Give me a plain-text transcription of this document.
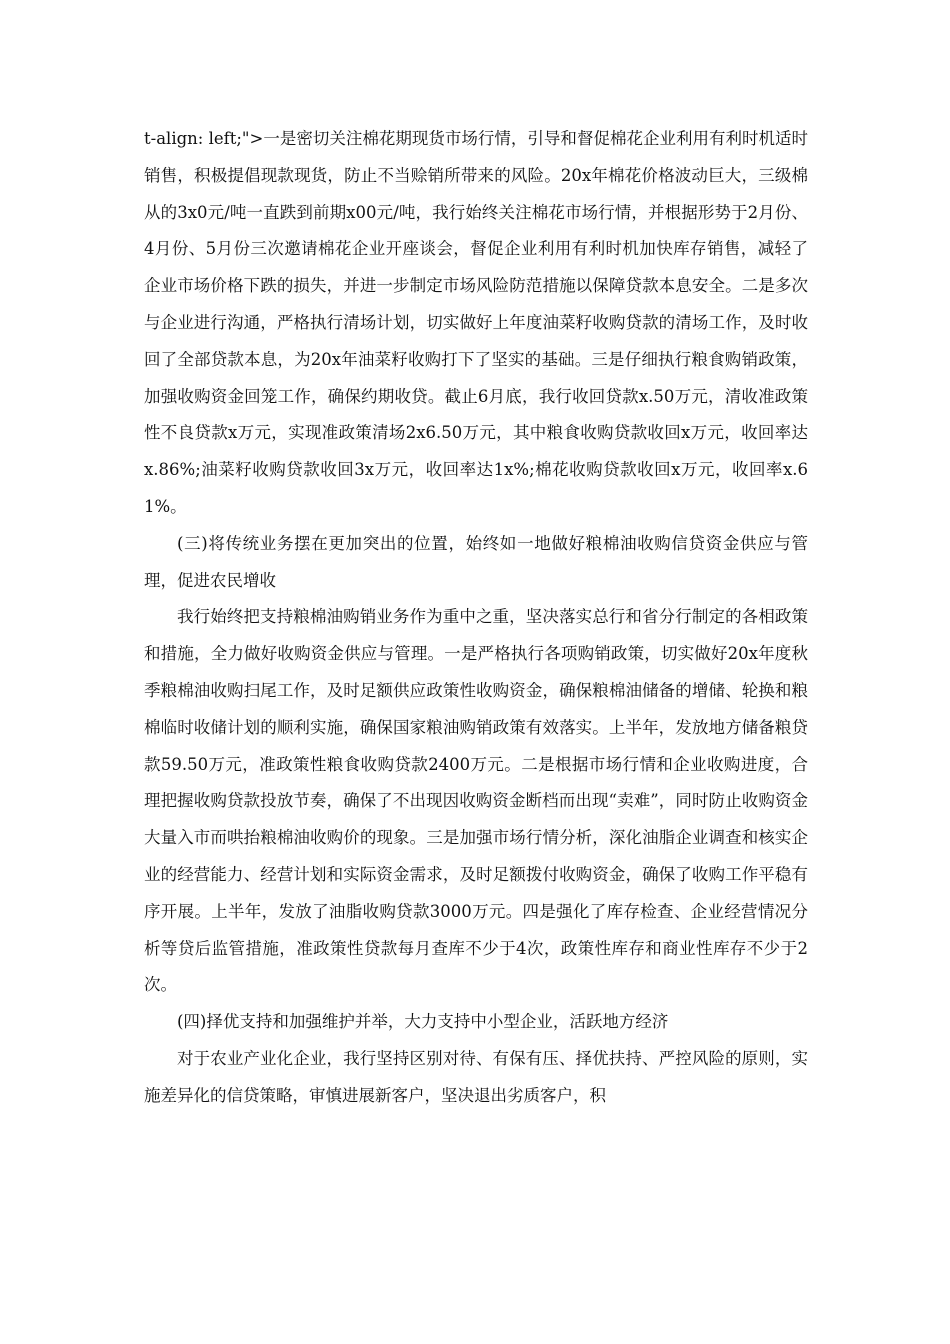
t-align: left;">一是密切关注棉花期现货市场行情，引导和督促棉花企业利用有利时机适时销售，积极提倡现款现货，防止不当赊销所带来的风险。20x年棉花价格波动巨大，三级棉从的3x0元/吨一直跌到前期x00元/吨，我行始终关注棉花市场行情，并根据形势于2月份、4月份、5月份三次邀请棉花企业开座谈会，督促企业利用有利时机加快库存销售，减轻了企业市场价格下跌的损失，并进一步制定市场风险防范措施以保障贷款本息安全。二是多次与企业进行沟通，严格执行清场计划，切实做好上年度油菜籽收购贷款的清场工作，及时收回了全部贷款本息，为20x年油菜籽收购打下了坚实的基础。三是仔细执行粮食购销政策，加强收购资金回笼工作，确保约期收贷。截止6月底，我行收回贷款x.50万元，清收准政策性不良贷款x万元，实现准政策清场2x6.50万元，其中粮食收购贷款收回x万元，收回率达x.86%;油菜籽收购贷款收回3x万元，收回率达1x%;棉花收购贷款收回x万元，收回率x.61%。

(三)将传统业务摆在更加突出的位置，始终如一地做好粮棉油收购信贷资金供应与管理，促进农民增收

我行始终把支持粮棉油购销业务作为重中之重，坚决落实总行和省分行制定的各相政策和措施，全力做好收购资金供应与管理。一是严格执行各项购销政策，切实做好20x年度秋季粮棉油收购扫尾工作，及时足额供应政策性收购资金，确保粮棉油储备的增储、轮换和粮棉临时收储计划的顺利实施，确保国家粮油购销政策有效落实。上半年，发放地方储备粮贷款59.50万元，准政策性粮食收购贷款2400万元。二是根据市场行情和企业收购进度，合理把握收购贷款投放节奏，确保了不出现因收购资金断档而出现“卖难”，同时防止收购资金大量入市而哄抬粮棉油收购价的现象。三是加强市场行情分析，深化油脂企业调查和核实企业的经营能力、经营计划和实际资金需求，及时足额拨付收购资金，确保了收购工作平稳有序开展。上半年，发放了油脂收购贷款3000万元。四是强化了库存检查、企业经营情况分析等贷后监管措施，准政策性贷款每月查库不少于4次，政策性库存和商业性库存不少于2次。

(四)择优支持和加强维护并举，大力支持中小型企业，活跃地方经济

对于农业产业化企业，我行坚持区别对待、有保有压、择优扶持、严控风险的原则，实施差异化的信贷策略，审慎进展新客户，坚决退出劣质客户，积
